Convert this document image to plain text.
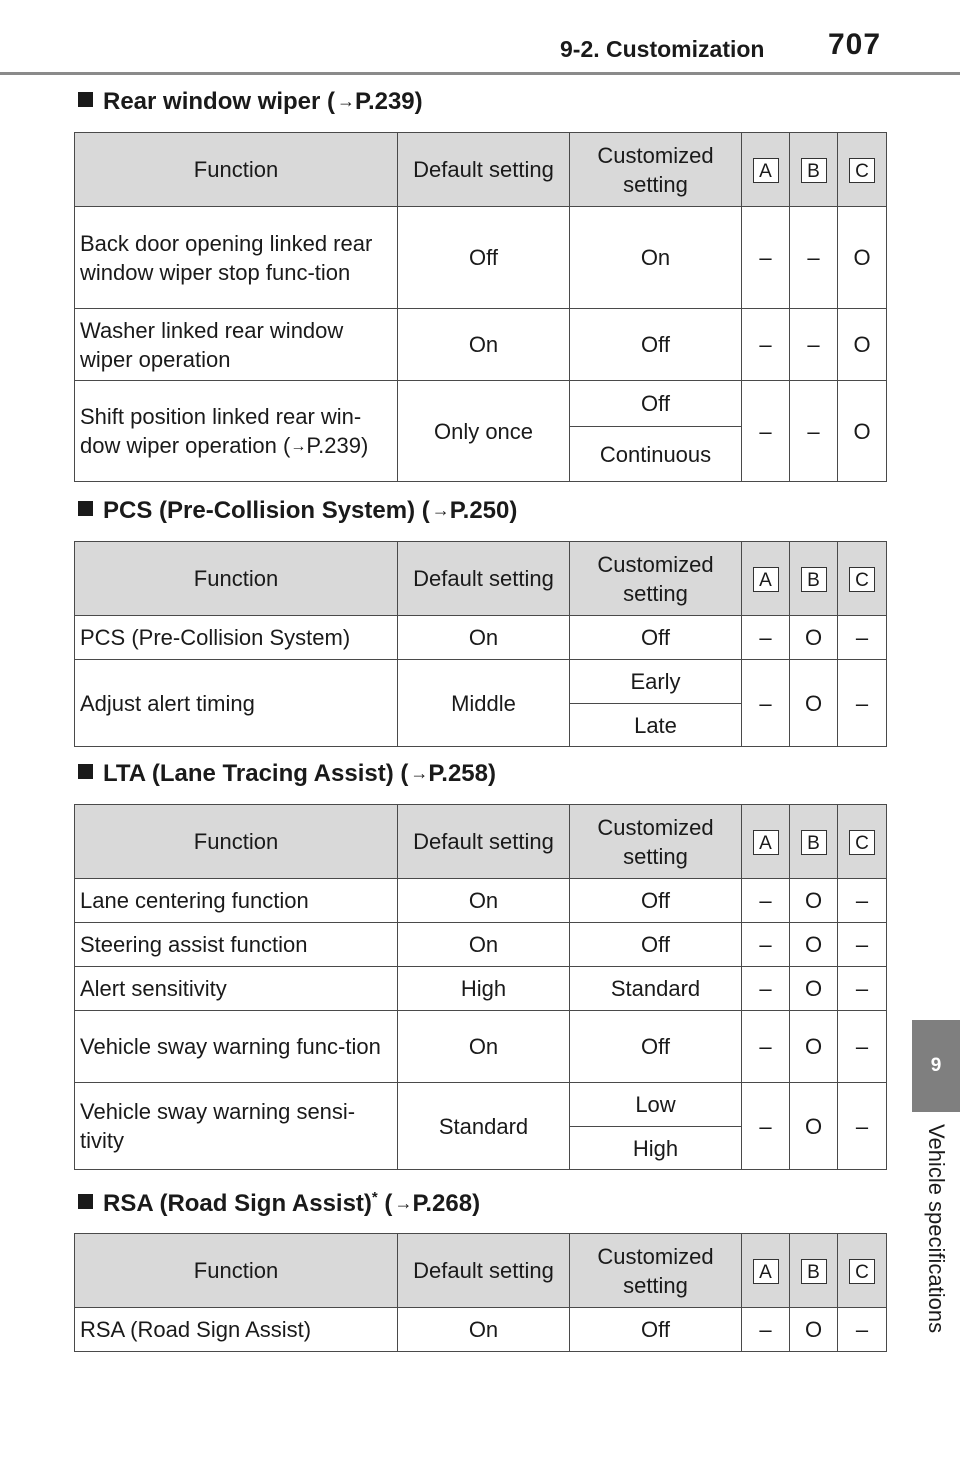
9-2. Customization	707
9
Vehicle specifications
Rear window wiper ( →P.239)
Function	Default setting	Customized setting	A	B	C
Back door opening linked rear window wiper stop func-tion	Off	On	–	–	O
Washer linked rear window wiper operation	On	Off	–	–	O
Shift position linked rear win-dow wiper operation (→P.239)	Only once	Off	–	–	O
		Continuous			
PCS (Pre-Collision System) ( →P.250)
Function	Default setting	Customized setting	A	B	C
PCS (Pre-Collision System)	On	Off	–	O	–
Adjust alert timing	Middle	Early	–	O	–
		Late			
LTA (Lane Tracing Assist) ( →P.258)
Function	Default setting	Customized setting	A	B	C
Lane centering function	On	Off	–	O	–
Steering assist function	On	Off	–	O	–
Alert sensitivity	High	Standard	–	O	–
Vehicle sway warning func-tion	On	Off	–	O	–
Vehicle sway warning sensi-tivity	Standard	Low	–	O	–
		High			
RSA (Road Sign Assist)* ( →P.268)
Function	Default setting	Customized setting	A	B	C
RSA (Road Sign Assist)	On	Off	–	O	–
